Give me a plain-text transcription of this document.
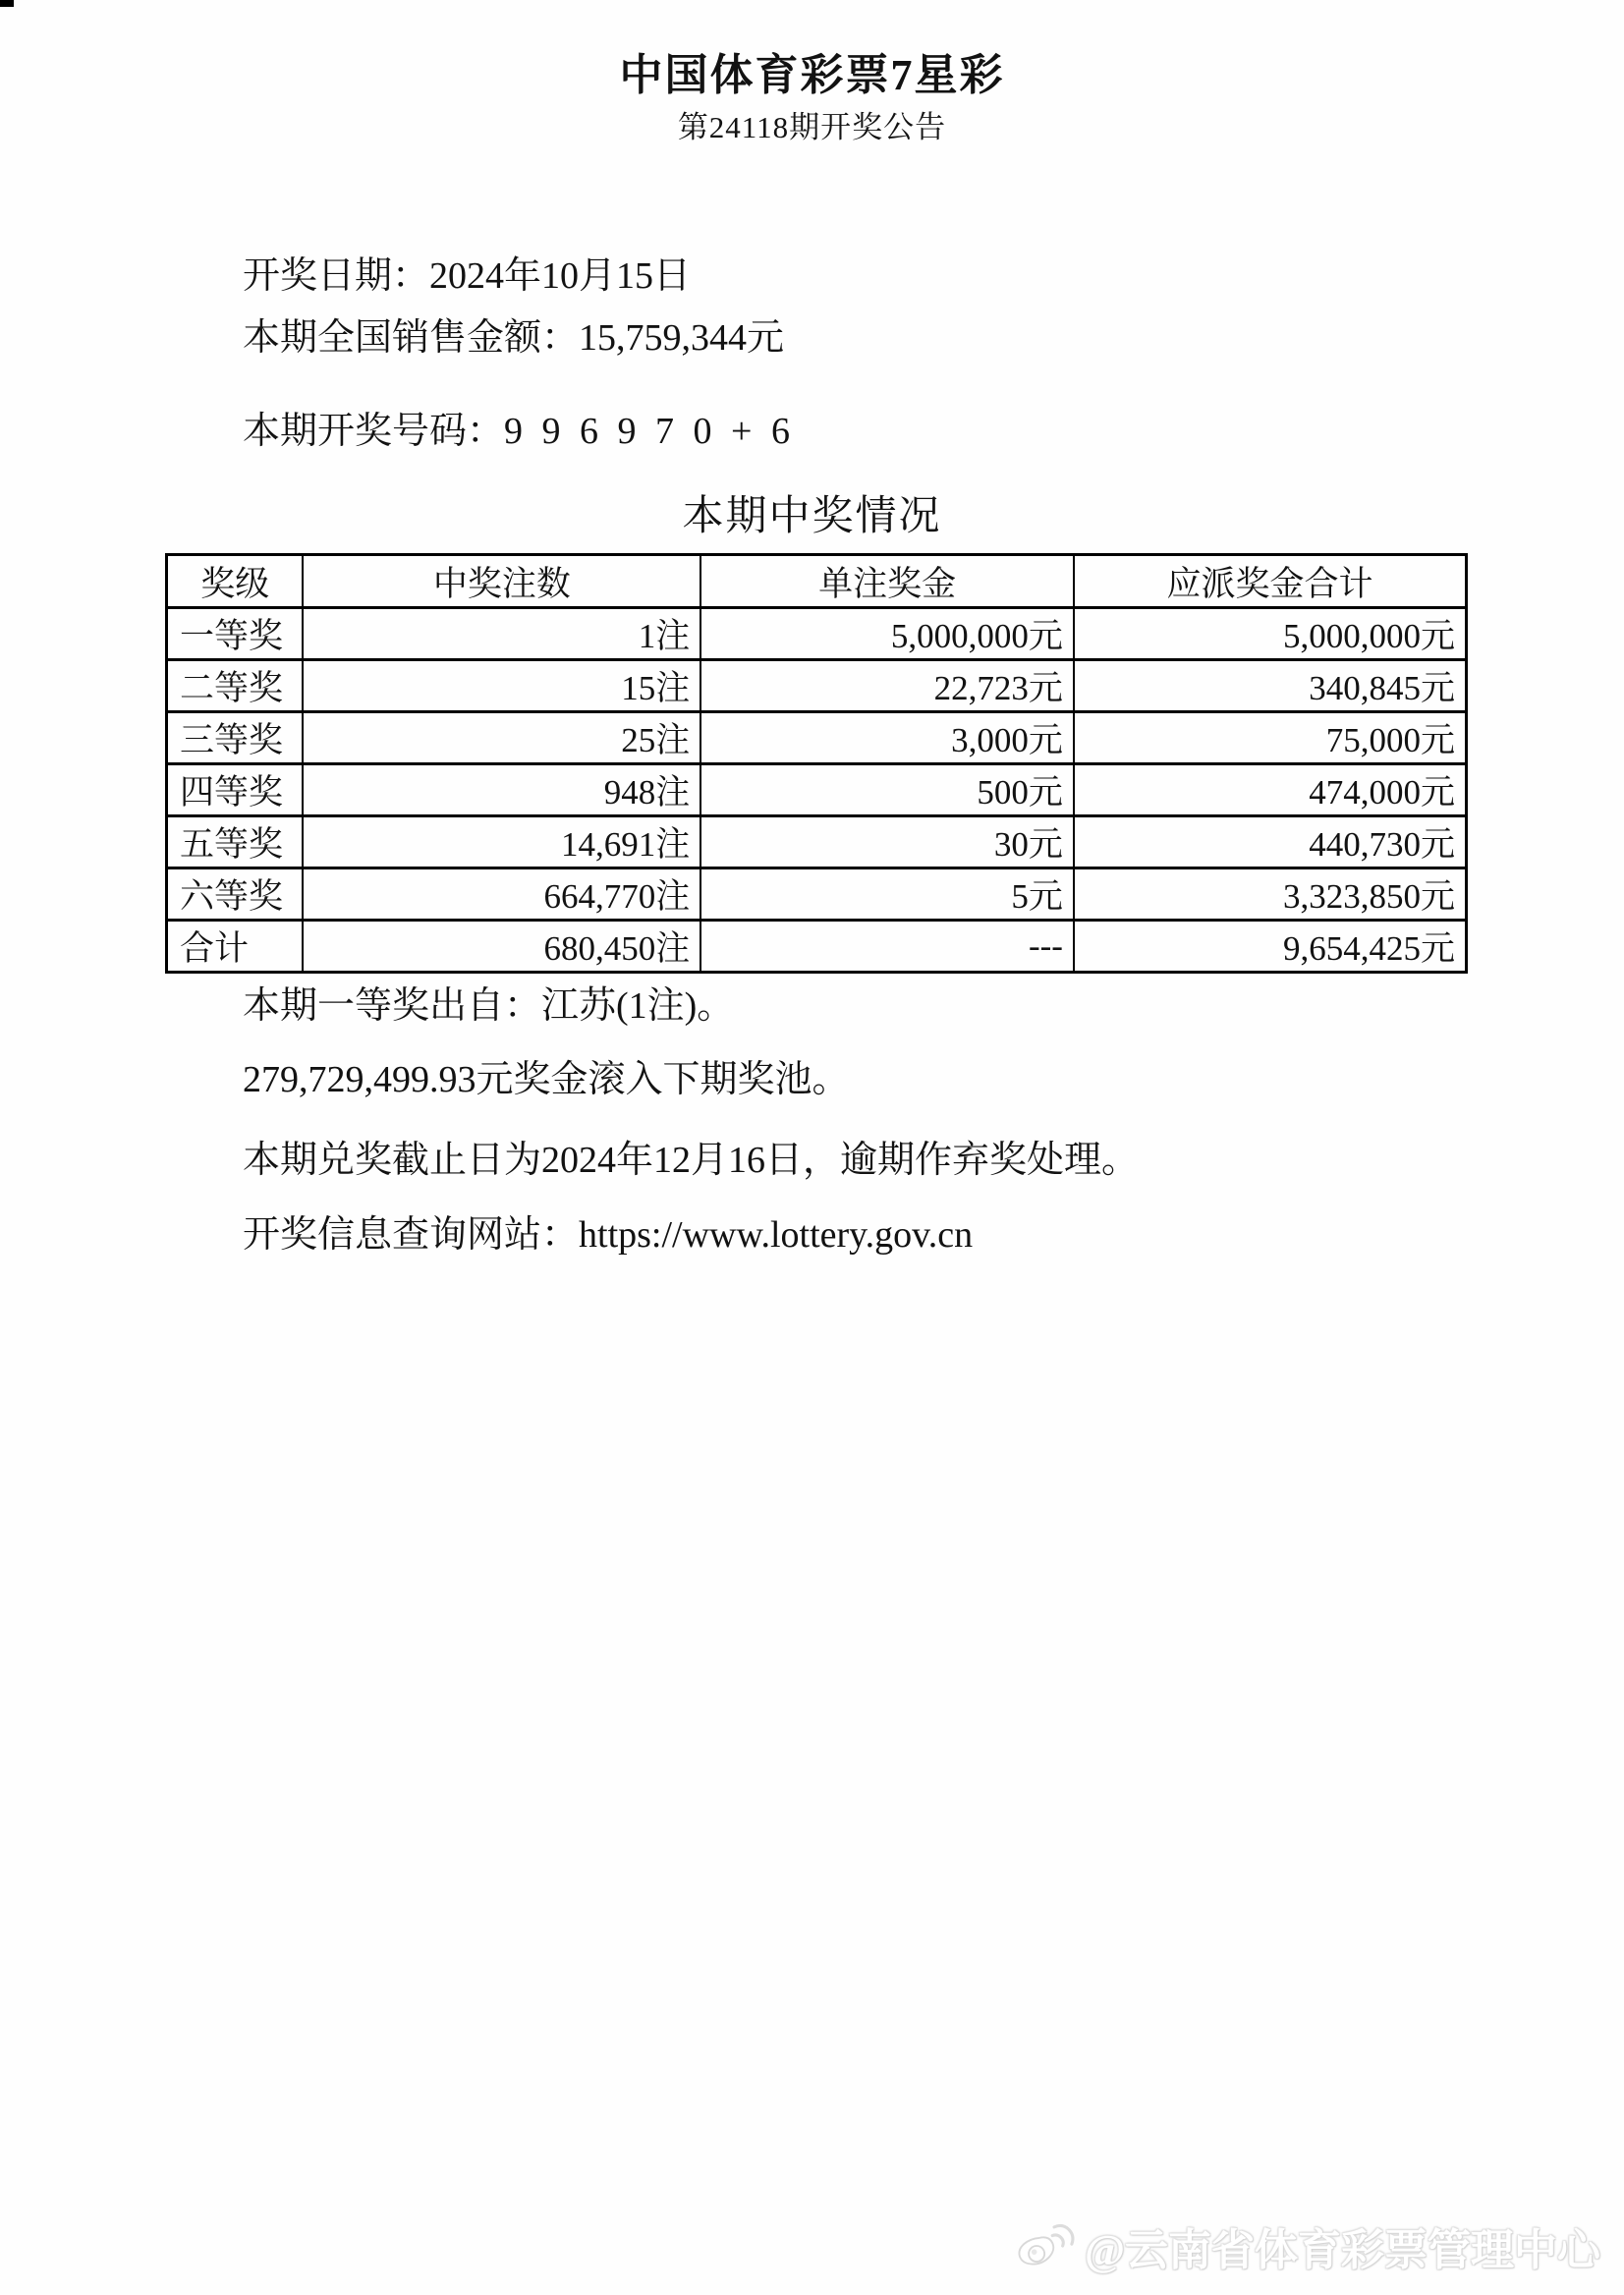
中国体育彩票7星彩
第24118期开奖公告
开奖日期：2024年10月15日
本期全国销售金额：15,759,344元
本期开奖号码：9 9 6 9 7 0 + 6
本期中奖情况
奖级	中奖注数	单注奖金	应派奖金合计
一等奖	1注	5,000,000元	5,000,000元
二等奖	15注	22,723元	340,845元
三等奖	25注	3,000元	75,000元
四等奖	948注	500元	474,000元
五等奖	14,691注	30元	440,730元
六等奖	664,770注	5元	3,323,850元
合计	680,450注	---	9,654,425元
本期一等奖出自：江苏(1注)。
279,729,499.93元奖金滚入下期奖池。
本期兑奖截止日为2024年12月16日，逾期作弃奖处理。
开奖信息查询网站：https://www.lottery.gov.cn
@云南省体育彩票管理中心
